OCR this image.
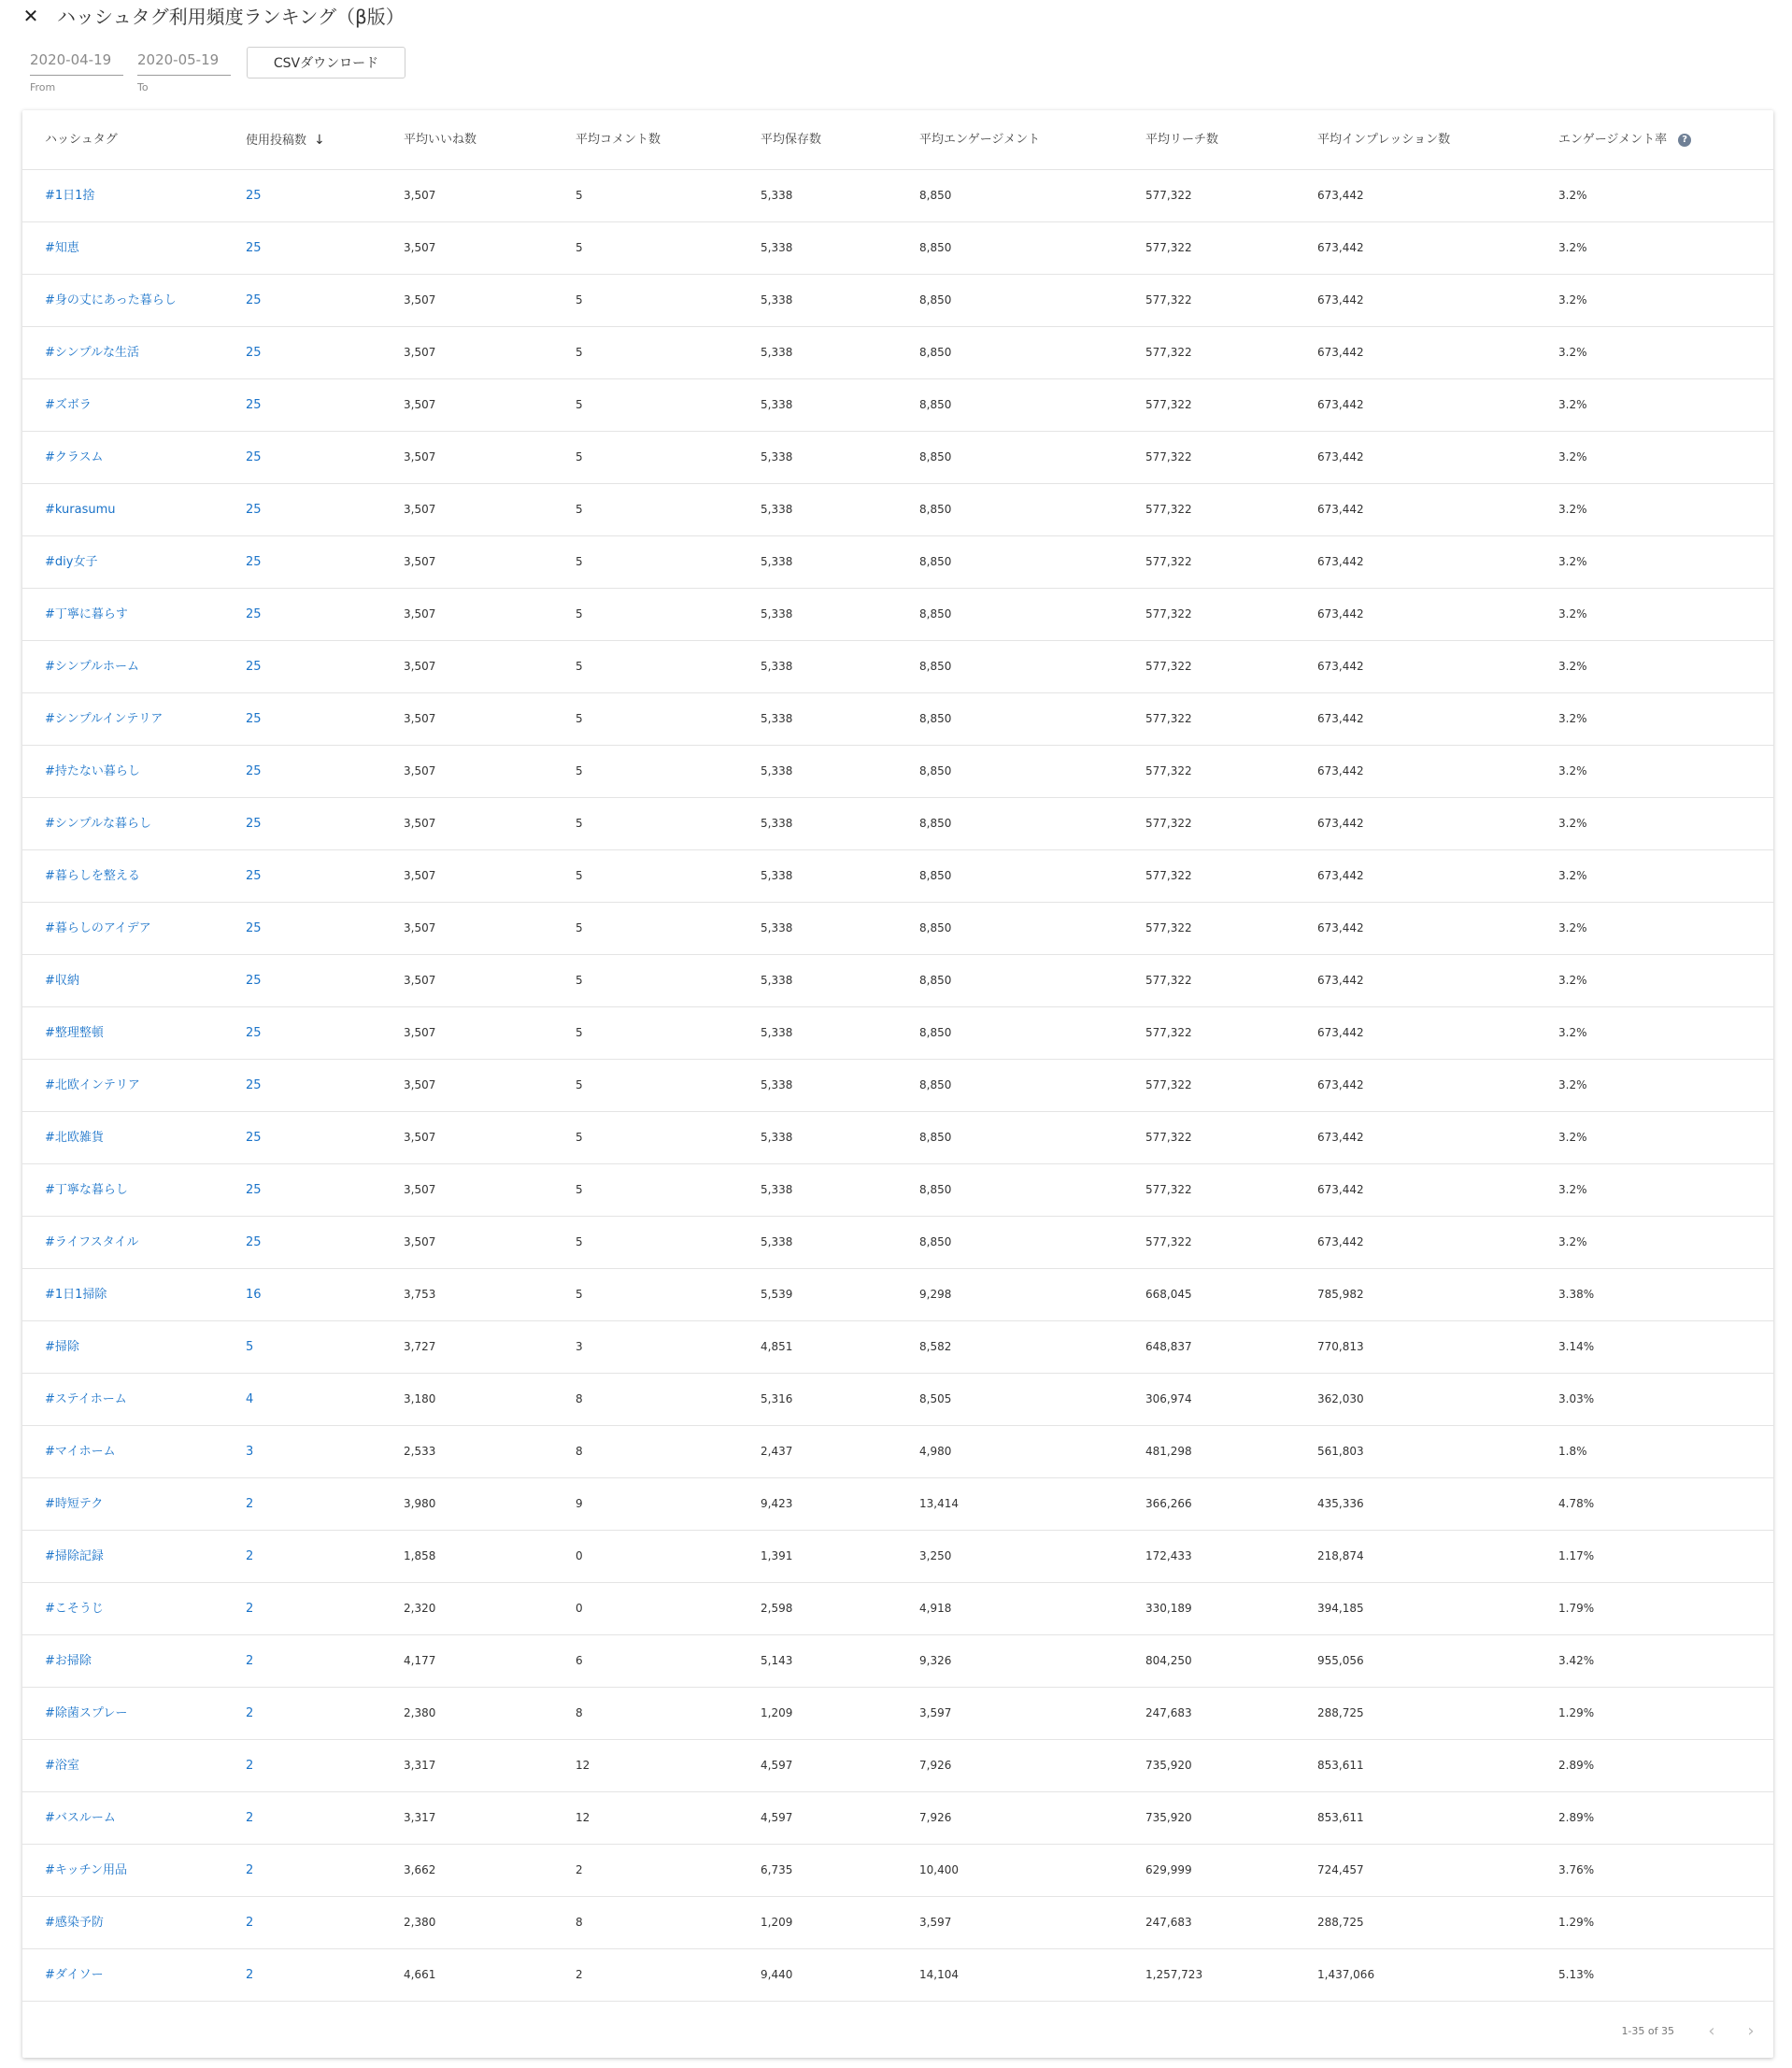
✕ ハッシュタグ利用頻度ランキング（β版）
2020-04-19
From
2020-05-19
To
CSVダウンロード
ハッシュタグ	使用投稿数 ↓	平均いいね数	平均コメント数	平均保存数	平均エンゲージメント	平均リーチ数	平均インプレッション数	エンゲージメント率 ?
#1日1捨	25	3,507	5	5,338	8,850	577,322	673,442	3.2%
#知恵	25	3,507	5	5,338	8,850	577,322	673,442	3.2%
#身の丈にあった暮らし	25	3,507	5	5,338	8,850	577,322	673,442	3.2%
#シンプルな生活	25	3,507	5	5,338	8,850	577,322	673,442	3.2%
#ズボラ	25	3,507	5	5,338	8,850	577,322	673,442	3.2%
#クラスム	25	3,507	5	5,338	8,850	577,322	673,442	3.2%
#kurasumu	25	3,507	5	5,338	8,850	577,322	673,442	3.2%
#diy女子	25	3,507	5	5,338	8,850	577,322	673,442	3.2%
#丁寧に暮らす	25	3,507	5	5,338	8,850	577,322	673,442	3.2%
#シンプルホーム	25	3,507	5	5,338	8,850	577,322	673,442	3.2%
#シンプルインテリア	25	3,507	5	5,338	8,850	577,322	673,442	3.2%
#持たない暮らし	25	3,507	5	5,338	8,850	577,322	673,442	3.2%
#シンプルな暮らし	25	3,507	5	5,338	8,850	577,322	673,442	3.2%
#暮らしを整える	25	3,507	5	5,338	8,850	577,322	673,442	3.2%
#暮らしのアイデア	25	3,507	5	5,338	8,850	577,322	673,442	3.2%
#収納	25	3,507	5	5,338	8,850	577,322	673,442	3.2%
#整理整頓	25	3,507	5	5,338	8,850	577,322	673,442	3.2%
#北欧インテリア	25	3,507	5	5,338	8,850	577,322	673,442	3.2%
#北欧雑貨	25	3,507	5	5,338	8,850	577,322	673,442	3.2%
#丁寧な暮らし	25	3,507	5	5,338	8,850	577,322	673,442	3.2%
#ライフスタイル	25	3,507	5	5,338	8,850	577,322	673,442	3.2%
#1日1掃除	16	3,753	5	5,539	9,298	668,045	785,982	3.38%
#掃除	5	3,727	3	4,851	8,582	648,837	770,813	3.14%
#ステイホーム	4	3,180	8	5,316	8,505	306,974	362,030	3.03%
#マイホーム	3	2,533	8	2,437	4,980	481,298	561,803	1.8%
#時短テク	2	3,980	9	9,423	13,414	366,266	435,336	4.78%
#掃除記録	2	1,858	0	1,391	3,250	172,433	218,874	1.17%
#こそうじ	2	2,320	0	2,598	4,918	330,189	394,185	1.79%
#お掃除	2	4,177	6	5,143	9,326	804,250	955,056	3.42%
#除菌スプレー	2	2,380	8	1,209	3,597	247,683	288,725	1.29%
#浴室	2	3,317	12	4,597	7,926	735,920	853,611	2.89%
#バスルーム	2	3,317	12	4,597	7,926	735,920	853,611	2.89%
#キッチン用品	2	3,662	2	6,735	10,400	629,999	724,457	3.76%
#感染予防	2	2,380	8	1,209	3,597	247,683	288,725	1.29%
#ダイソー	2	4,661	2	9,440	14,104	1,257,723	1,437,066	5.13%
1-35 of 35	‹	›
